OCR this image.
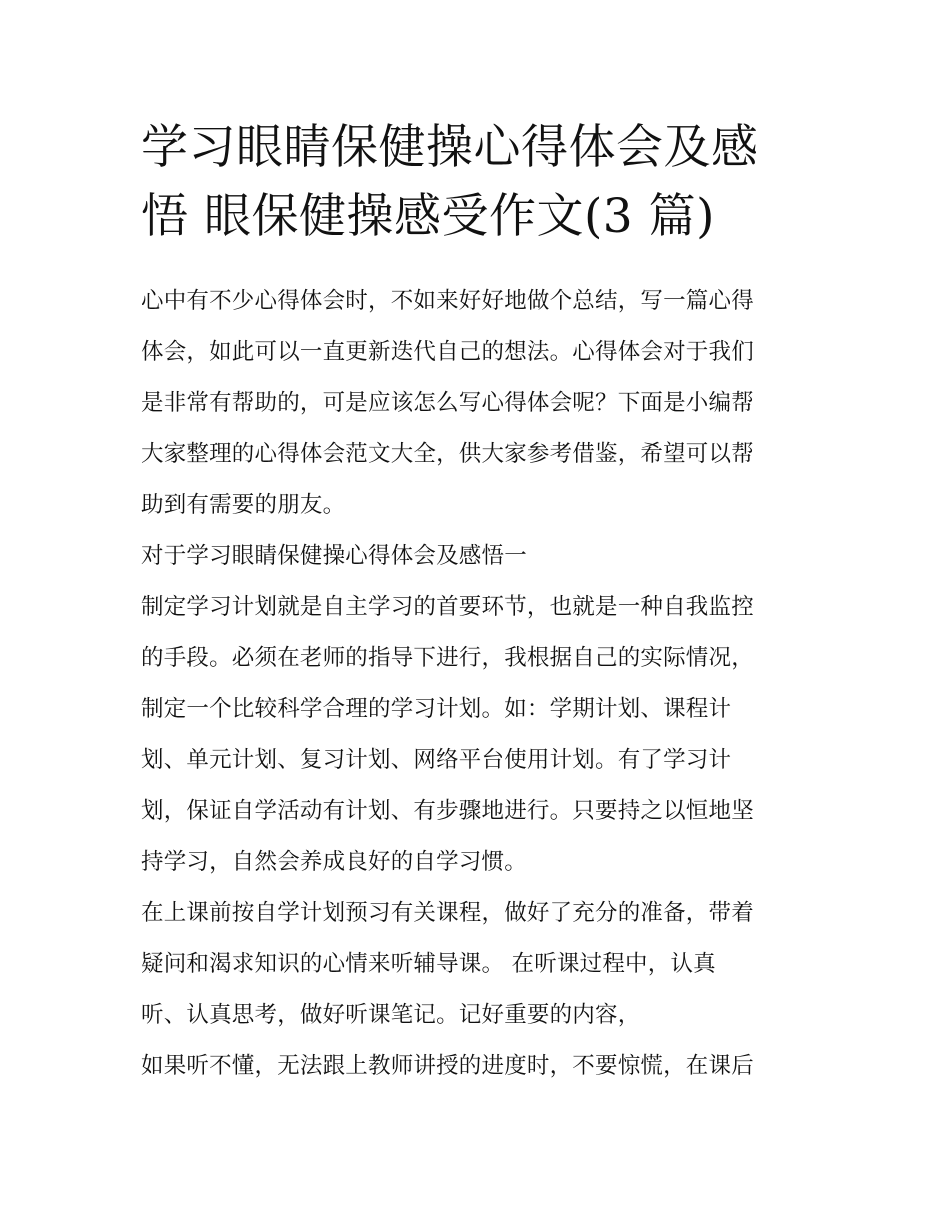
学习眼睛保健操心得体会及感
悟 眼保健操感受作文(3 篇)
心中有不少心得体会时，不如来好好地做个总结，写一篇心得
体会，如此可以一直更新迭代自己的想法。心得体会对于我们
是非常有帮助的，可是应该怎么写心得体会呢？下面是小编帮
大家整理的心得体会范文大全，供大家参考借鉴，希望可以帮
助到有需要的朋友。
对于学习眼睛保健操心得体会及感悟一
制定学习计划就是自主学习的首要环节，也就是一种自我监控
的手段。必须在老师的指导下进行，我根据自己的实际情况，
制定一个比较科学合理的学习计划。如：学期计划、课程计
划、单元计划、复习计划、网络平台使用计划。有了学习计
划，保证自学活动有计划、有步骤地进行。只要持之以恒地坚
持学习，自然会养成良好的自学习惯。
在上课前按自学计划预习有关课程，做好了充分的准备，带着
疑问和渴求知识的心情来听辅导课。 在听课过程中，认真
听、认真思考，做好听课笔记。记好重要的内容，
如果听不懂，无法跟上教师讲授的进度时，不要惊慌，在课后
